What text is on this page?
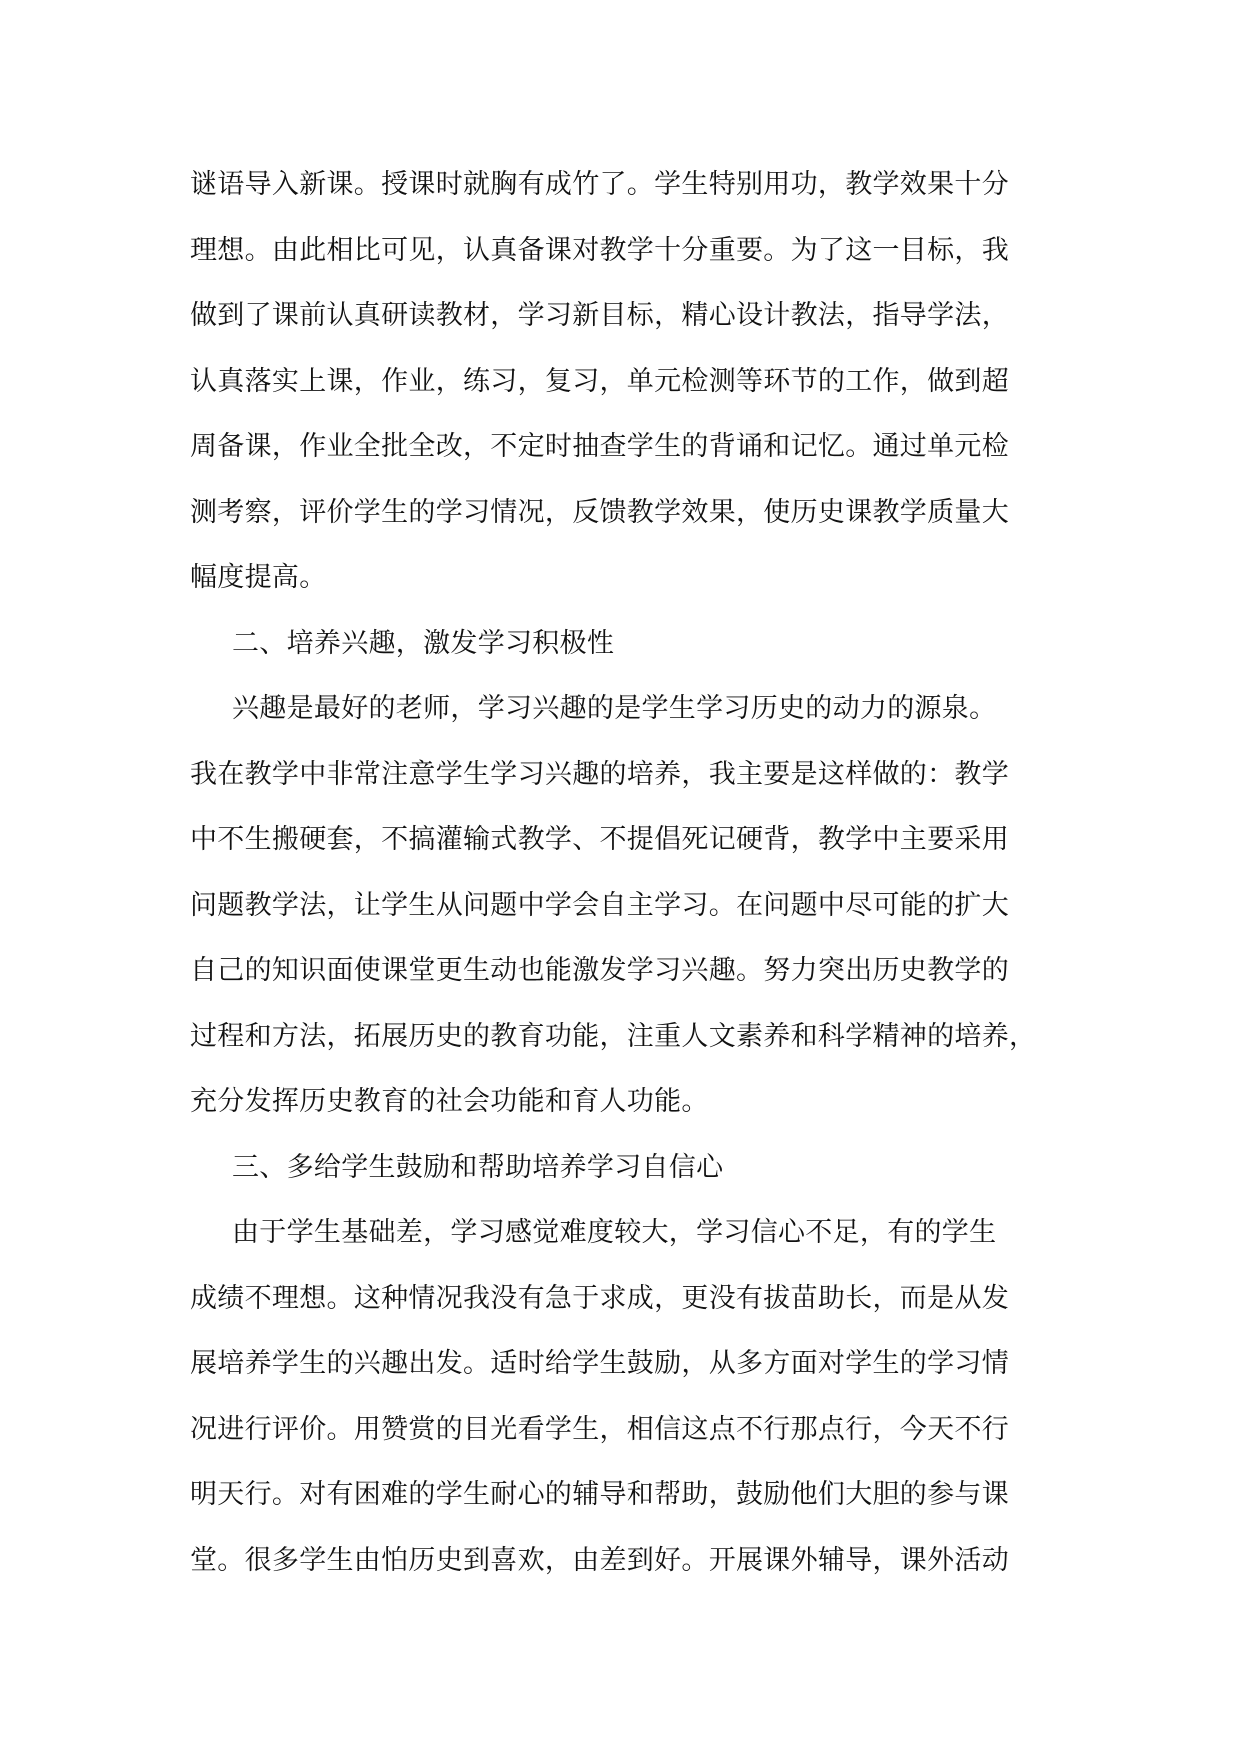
谜语导入新课。授课时就胸有成竹了。学生特别用功，教学效果十分
理想。由此相比可见，认真备课对教学十分重要。为了这一目标，我
做到了课前认真研读教材，学习新目标，精心设计教法，指导学法，
认真落实上课，作业，练习，复习，单元检测等环节的工作，做到超
周备课，作业全批全改，不定时抽查学生的背诵和记忆。通过单元检
测考察，评价学生的学习情况，反馈教学效果，使历史课教学质量大
幅度提高。
二、培养兴趣，激发学习积极性
兴趣是最好的老师，学习兴趣的是学生学习历史的动力的源泉。
我在教学中非常注意学生学习兴趣的培养，我主要是这样做的：教学
中不生搬硬套，不搞灌输式教学、不提倡死记硬背，教学中主要采用
问题教学法，让学生从问题中学会自主学习。在问题中尽可能的扩大
自己的知识面使课堂更生动也能激发学习兴趣。努力突出历史教学的
过程和方法，拓展历史的教育功能，注重人文素养和科学精神的培养，
充分发挥历史教育的社会功能和育人功能。
三、多给学生鼓励和帮助培养学习自信心
由于学生基础差，学习感觉难度较大，学习信心不足，有的学生
成绩不理想。这种情况我没有急于求成，更没有拔苗助长，而是从发
展培养学生的兴趣出发。适时给学生鼓励，从多方面对学生的学习情
况进行评价。用赞赏的目光看学生，相信这点不行那点行，今天不行
明天行。对有困难的学生耐心的辅导和帮助，鼓励他们大胆的参与课
堂。很多学生由怕历史到喜欢，由差到好。开展课外辅导，课外活动
